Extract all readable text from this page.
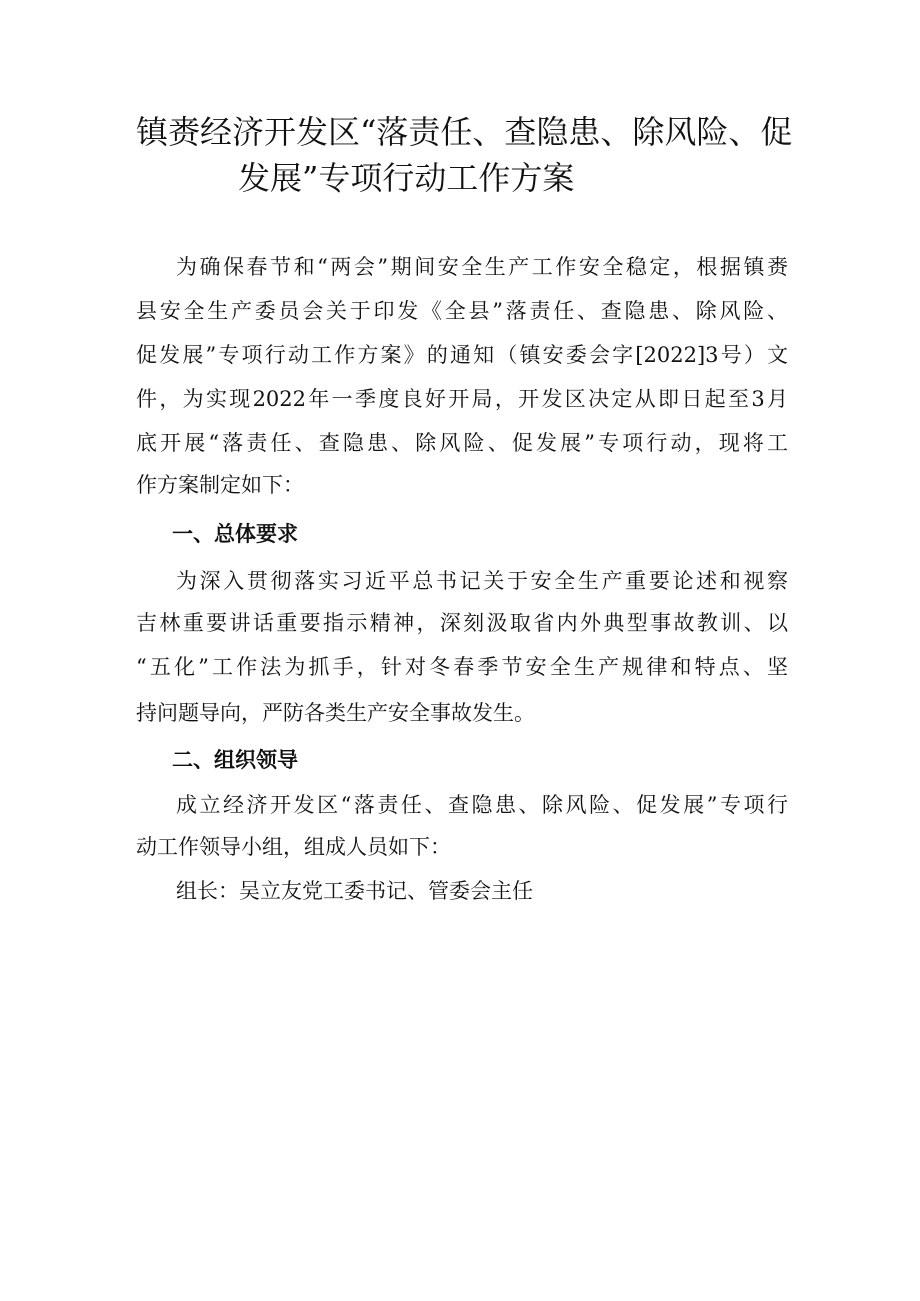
镇赉经济开发区“落责任、查隐患、除风险、促
发展”专项行动工作方案
为确保春节和“两会”期间安全生产工作安全稳定，根据镇赉
县安全生产委员会关于印发《全县”落责任、查隐患、除风险、
促发展”专项行动工作方案》的通知（镇安委会字[2022]3号）文
件，为实现2022年一季度良好开局，开发区决定从即日起至3月
底开展“落责任、查隐患、除风险、促发展”专项行动，现将工
作方案制定如下：
一、总体要求
为深入贯彻落实习近平总书记关于安全生产重要论述和视察
吉林重要讲话重要指示精神，深刻汲取省内外典型事故教训、以
“五化”工作法为抓手，针对冬春季节安全生产规律和特点、坚
持问题导向，严防各类生产安全事故发生。
二、组织领导
成立经济开发区“落责任、查隐患、除风险、促发展”专项行
动工作领导小组，组成人员如下：
组长：吴立友党工委书记、管委会主任
